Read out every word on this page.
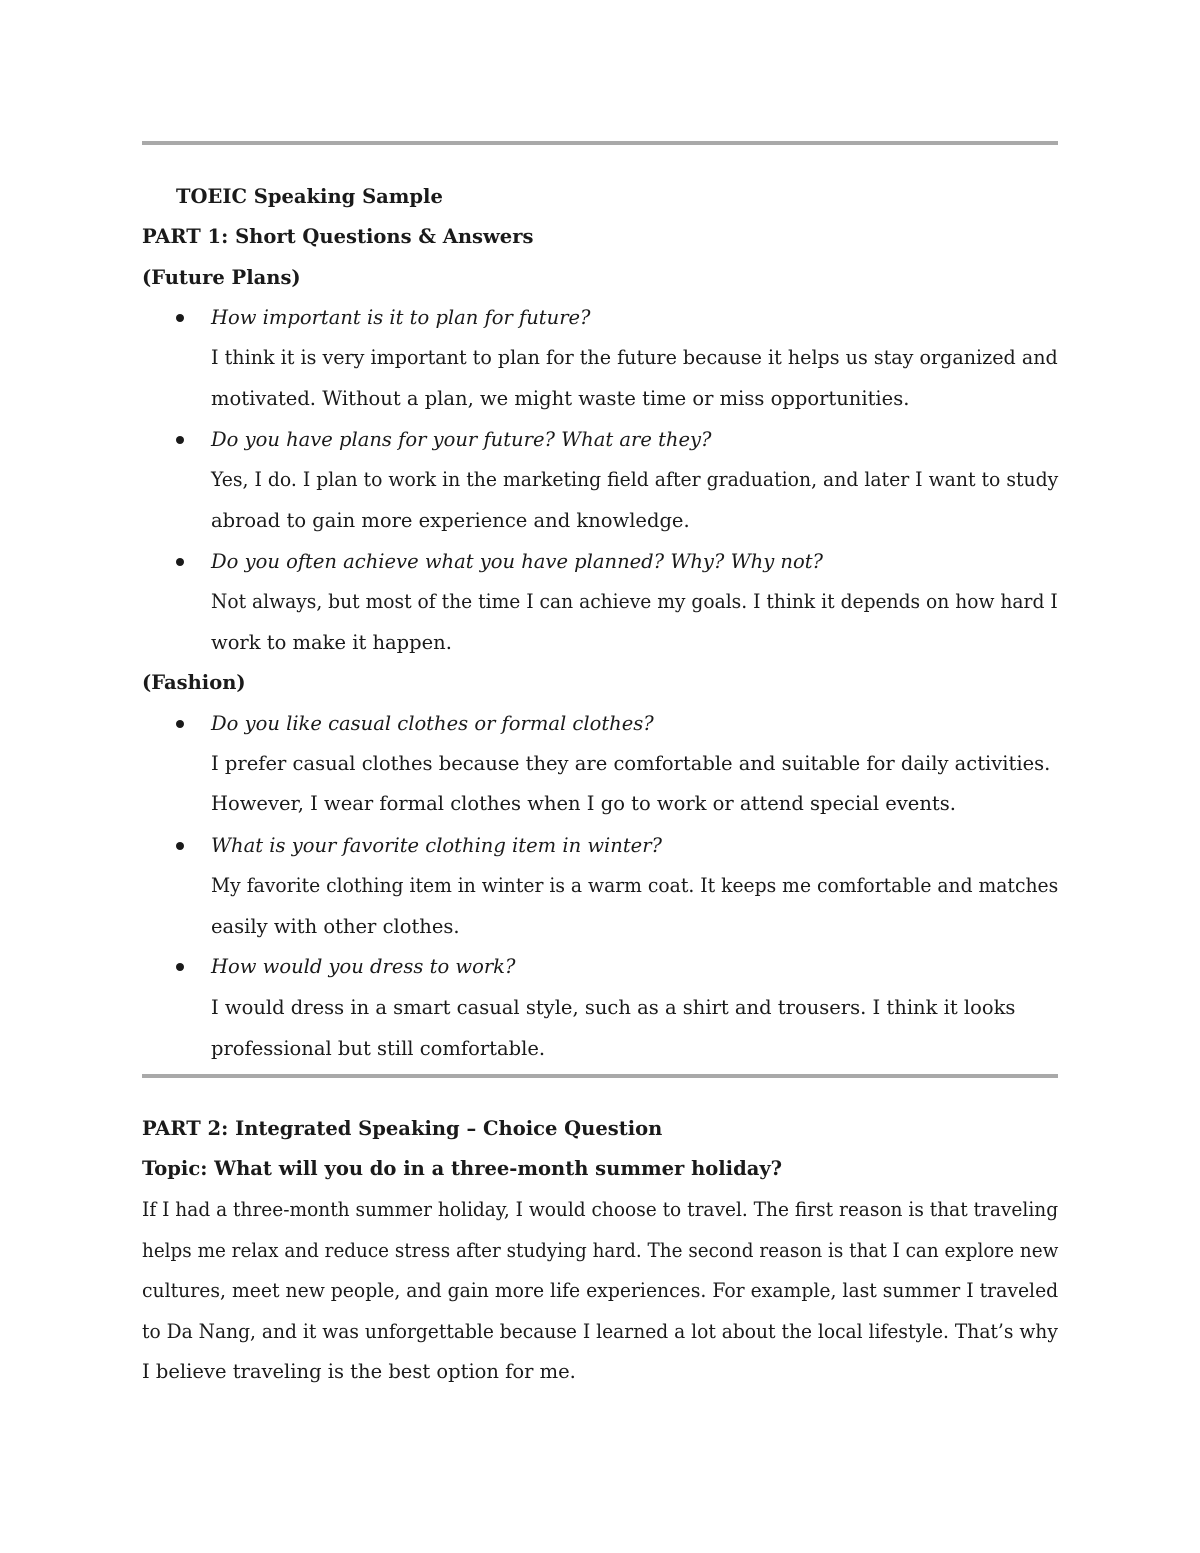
TOEIC Speaking Sample
PART 1: Short Questions & Answers
(Future Plans)
How important is it to plan for future?
I think it is very important to plan for the future because it helps us stay organized and
motivated. Without a plan, we might waste time or miss opportunities.
Do you have plans for your future? What are they?
Yes, I do. I plan to work in the marketing field after graduation, and later I want to study
abroad to gain more experience and knowledge.
Do you often achieve what you have planned? Why? Why not?
Not always, but most of the time I can achieve my goals. I think it depends on how hard I
work to make it happen.
(Fashion)
Do you like casual clothes or formal clothes?
I prefer casual clothes because they are comfortable and suitable for daily activities.
However, I wear formal clothes when I go to work or attend special events.
What is your favorite clothing item in winter?
My favorite clothing item in winter is a warm coat. It keeps me comfortable and matches
easily with other clothes.
How would you dress to work?
I would dress in a smart casual style, such as a shirt and trousers. I think it looks
professional but still comfortable.
PART 2: Integrated Speaking – Choice Question
Topic: What will you do in a three-month summer holiday?
If I had a three-month summer holiday, I would choose to travel. The first reason is that traveling
helps me relax and reduce stress after studying hard. The second reason is that I can explore new
cultures, meet new people, and gain more life experiences. For example, last summer I traveled
to Da Nang, and it was unforgettable because I learned a lot about the local lifestyle. That’s why
I believe traveling is the best option for me.
